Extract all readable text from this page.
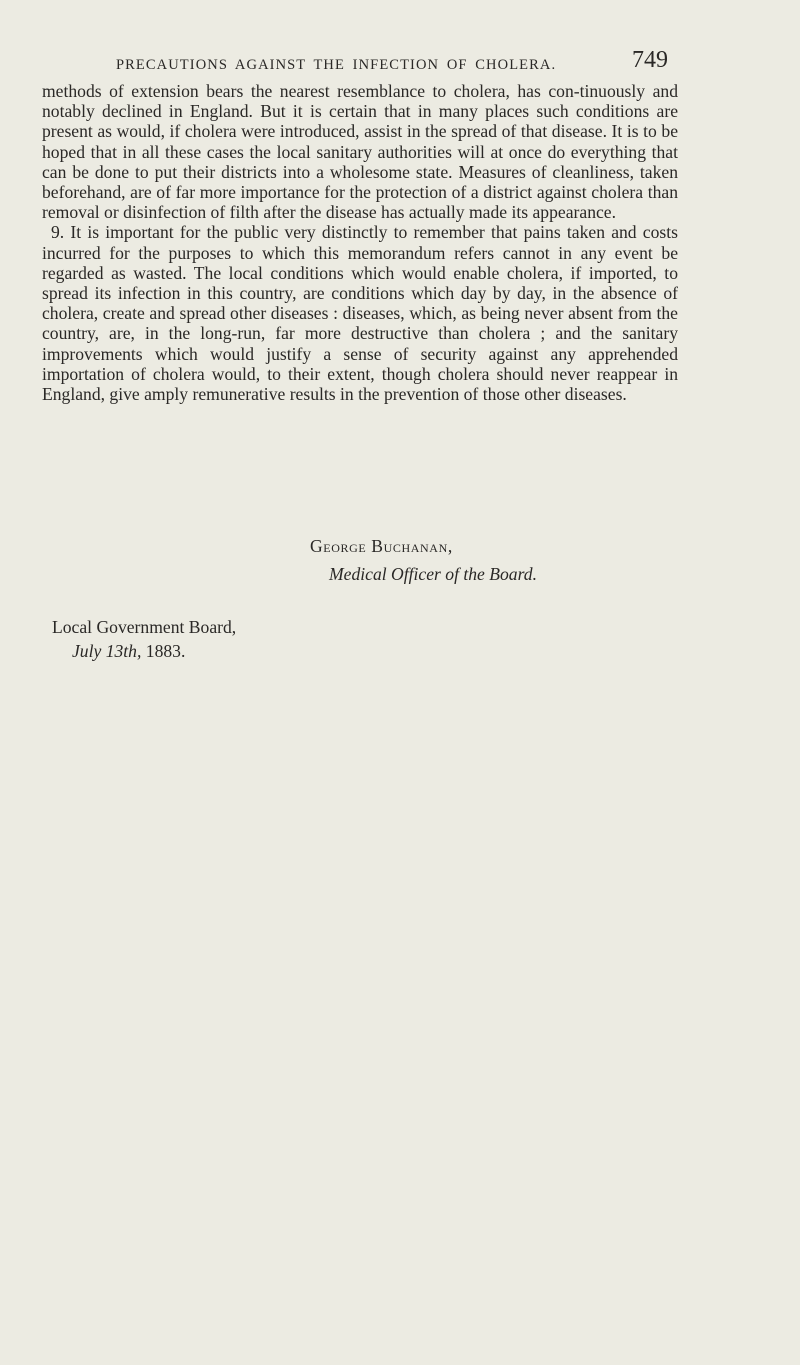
PRECAUTIONS AGAINST THE INFECTION OF CHOLERA.	749

methods of extension bears the nearest resemblance to cholera, has con-tinuously and notably declined in England. But it is certain that in many places such conditions are present as would, if cholera were introduced, assist in the spread of that disease. It is to be hoped that in all these cases the local sanitary authorities will at once do everything that can be done to put their districts into a wholesome state. Measures of cleanliness, taken beforehand, are of far more importance for the protection of a district against cholera than removal or disinfection of filth after the disease has actually made its appearance.

9. It is important for the public very distinctly to remember that pains taken and costs incurred for the purposes to which this memorandum refers cannot in any event be regarded as wasted. The local conditions which would enable cholera, if imported, to spread its infection in this country, are conditions which day by day, in the absence of cholera, create and spread other diseases : diseases, which, as being never absent from the country, are, in the long-run, far more destructive than cholera ; and the sanitary improvements which would justify a sense of security against any apprehended importation of cholera would, to their extent, though cholera should never reappear in England, give amply remunerative results in the prevention of those other diseases.

George Buchanan,
Medical Officer of the Board.
Local Government Board,
July 13th, 1883.
